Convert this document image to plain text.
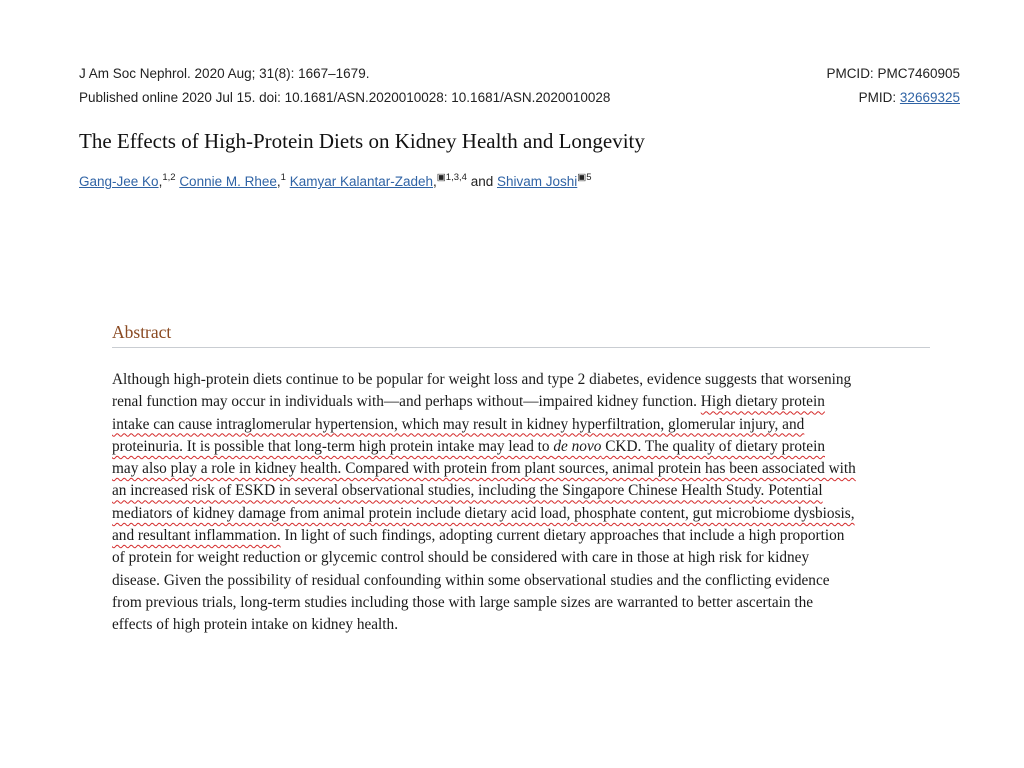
J Am Soc Nephrol. 2020 Aug; 31(8): 1667–1679.
Published online 2020 Jul 15. doi: 10.1681/ASN.2020010028: 10.1681/ASN.2020010028
PMCID: PMC7460905
PMID: 32669325
The Effects of High-Protein Diets on Kidney Health and Longevity
Gang-Jee Ko,$^{1,2}$ Connie M. Rhee,$^1$ Kamyar Kalantar-Zadeh,$^{▣1,3,4}$ and Shivam Joshi$^{▣5}$
Abstract
Although high-protein diets continue to be popular for weight loss and type 2 diabetes, evidence suggests that worsening
renal function may occur in individuals with—and perhaps without—impaired kidney function. High dietary protein
intake can cause intraglomerular hypertension, which may result in kidney hyperfiltration, glomerular injury, and
proteinuria. It is possible that long-term high protein intake may lead to de novo CKD. The quality of dietary protein
may also play a role in kidney health. Compared with protein from plant sources, animal protein has been associated with
an increased risk of ESKD in several observational studies, including the Singapore Chinese Health Study. Potential
mediators of kidney damage from animal protein include dietary acid load, phosphate content, gut microbiome dysbiosis,
and resultant inflammation. In light of such findings, adopting current dietary approaches that include a high proportion
of protein for weight reduction or glycemic control should be considered with care in those at high risk for kidney
disease. Given the possibility of residual confounding within some observational studies and the conflicting evidence
from previous trials, long-term studies including those with large sample sizes are warranted to better ascertain the
effects of high protein intake on kidney health.
